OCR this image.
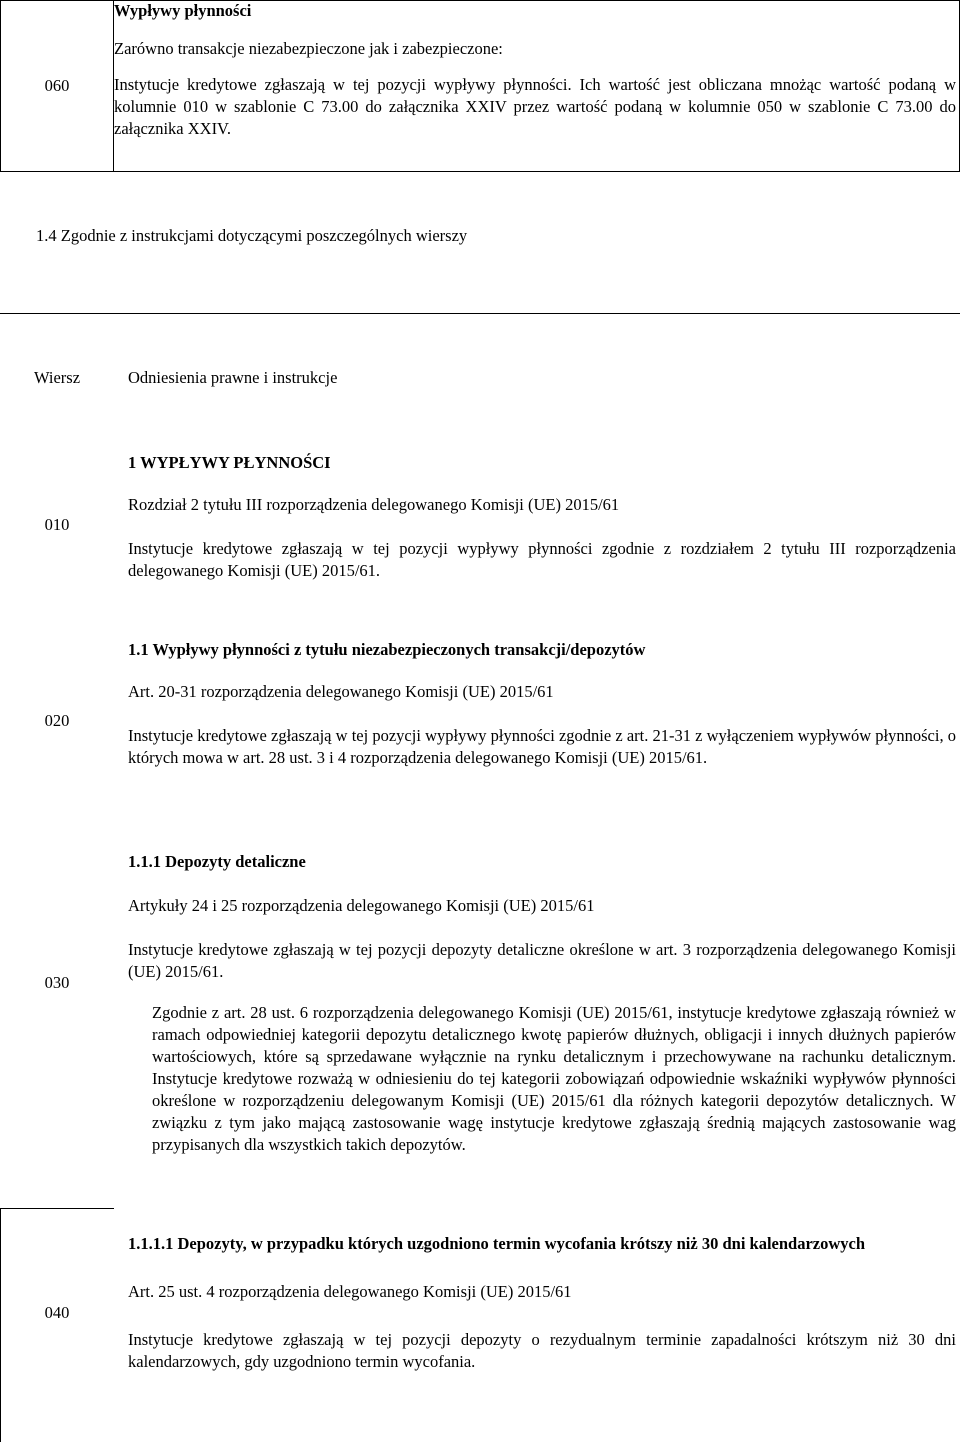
060

Wypływy płynności

Zarówno transakcje niezabezpieczone jak i zabezpieczone:

Instytucje kredytowe zgłaszają w tej pozycji wypływy płynności. Ich wartość jest obliczana mnożąc wartość podaną w kolumnie 010 w szablonie C 73.00 do załącznika XXIV przez wartość podaną w kolumnie 050 w szablonie C 73.00 do załącznika XXIV.

1.4 Zgodnie z instrukcjami dotyczącymi poszczególnych wierszy
Wiersz	Odniesienia prawne i instrukcje
010

1 WYPŁYWY PŁYNNOŚCI

Rozdział 2 tytułu III rozporządzenia delegowanego Komisji (UE) 2015/61

Instytucje kredytowe zgłaszają w tej pozycji wypływy płynności zgodnie z rozdziałem 2 tytułu III rozporządzenia delegowanego Komisji (UE) 2015/61.

020

1.1 Wypływy płynności z tytułu niezabezpieczonych transakcji/depozytów

Art. 20-31 rozporządzenia delegowanego Komisji (UE) 2015/61

Instytucje kredytowe zgłaszają w tej pozycji wypływy płynności zgodnie z art. 21-31 z wyłączeniem wypływów płynności, o których mowa w art. 28 ust. 3 i 4 rozporządzenia delegowanego Komisji (UE) 2015/61.

030

1.1.1 Depozyty detaliczne

Artykuły 24 i 25 rozporządzenia delegowanego Komisji (UE) 2015/61

Instytucje kredytowe zgłaszają w tej pozycji depozyty detaliczne określone w art. 3 rozporządzenia delegowanego Komisji (UE) 2015/61.

Zgodnie z art. 28 ust. 6 rozporządzenia delegowanego Komisji (UE) 2015/61, instytucje kredytowe zgłaszają również w ramach odpowiedniej kategorii depozytu detalicznego kwotę papierów dłużnych, obligacji i innych dłużnych papierów wartościowych, które są sprzedawane wyłącznie na rynku detalicznym i przechowywane na rachunku detalicznym. Instytucje kredytowe rozważą w odniesieniu do tej kategorii zobowiązań odpowiednie wskaźniki wypływów płynności określone w rozporządzeniu delegowanym Komisji (UE) 2015/61 dla różnych kategorii depozytów detalicznych. W związku z tym jako mającą zastosowanie wagę instytucje kredytowe zgłaszają średnią mających zastosowanie wag przypisanych dla wszystkich takich depozytów.

040

1.1.1.1 Depozyty, w przypadku których uzgodniono termin wycofania krótszy niż 30 dni kalendarzowych

Art. 25 ust. 4 rozporządzenia delegowanego Komisji (UE) 2015/61

Instytucje kredytowe zgłaszają w tej pozycji depozyty o rezydualnym terminie zapadalności krótszym niż 30 dni kalendarzowych, gdy uzgodniono termin wycofania.
